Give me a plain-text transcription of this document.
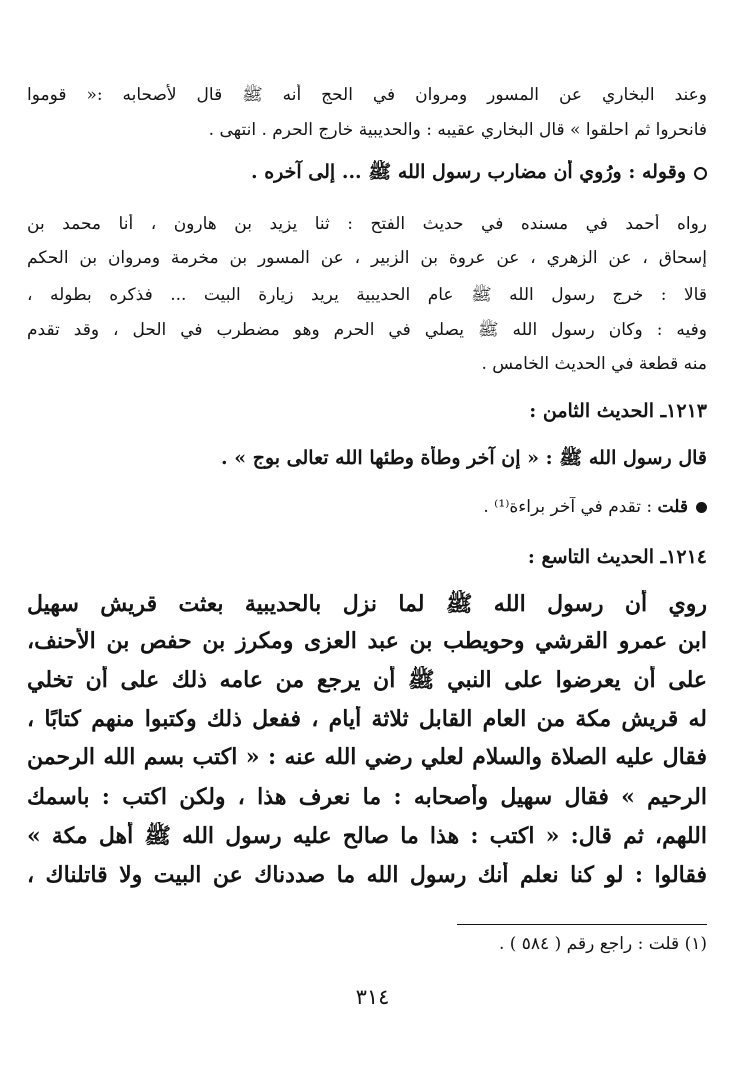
وعند البخاري عن المسور ومروان في الحج أنه ﷺ قال لأصحابه :« قوموا
فانحروا ثم احلقوا » قال البخاري عقيبه : والحديبية خارج الحرم . انتهى .
وقوله : ورُوي أن مضارب رسول الله ﷺ ... إلى آخره .
رواه أحمد في مسنده في حديث الفتح : ثنا يزيد بن هارون ، أنا محمد بن
إسحاق ، عن الزهري ، عن عروة بن الزبير ، عن المسور بن مخرمة ومروان بن الحكم
قالا : خرج رسول الله ﷺ عام الحديبية يريد زيارة البيت ... فذكره بطوله ،
وفيه : وكان رسول الله ﷺ يصلي في الحرم وهو مضطرب في الحل ، وقد تقدم
منه قطعة في الحديث الخامس .
١٢١٣ـ الحديث الثامن :
قال رسول الله ﷺ : « إن آخر وطأة وطئها الله تعالى بوج » .
قلت : تقدم في آخر براءة⁽¹⁾ .
١٢١٤ـ الحديث التاسع :
روي أن رسول الله ﷺ لما نزل بالحديبية بعثت قريش سهيل
ابن عمرو القرشي وحويطب بن عبد العزى ومكرز بن حفص بن الأحنف،
على أن يعرضوا على النبي ﷺ أن يرجع من عامه ذلك على أن تخلي
له قريش مكة من العام القابل ثلاثة أيام ، ففعل ذلك وكتبوا منهم كتابًا ،
فقال عليه الصلاة والسلام لعلي رضي الله عنه : « اكتب بسم الله الرحمن
الرحيم » فقال سهيل وأصحابه : ما نعرف هذا ، ولكن اكتب : باسمك
اللهم، ثم قال: « اكتب : هذا ما صالح عليه رسول الله ﷺ أهل مكة »
فقالوا : لو كنا نعلم أنك رسول الله ما صددناك عن البيت ولا قاتلناك ،
(١) قلت : راجع رقم ( ٥٨٤ ) .
٣١٤
